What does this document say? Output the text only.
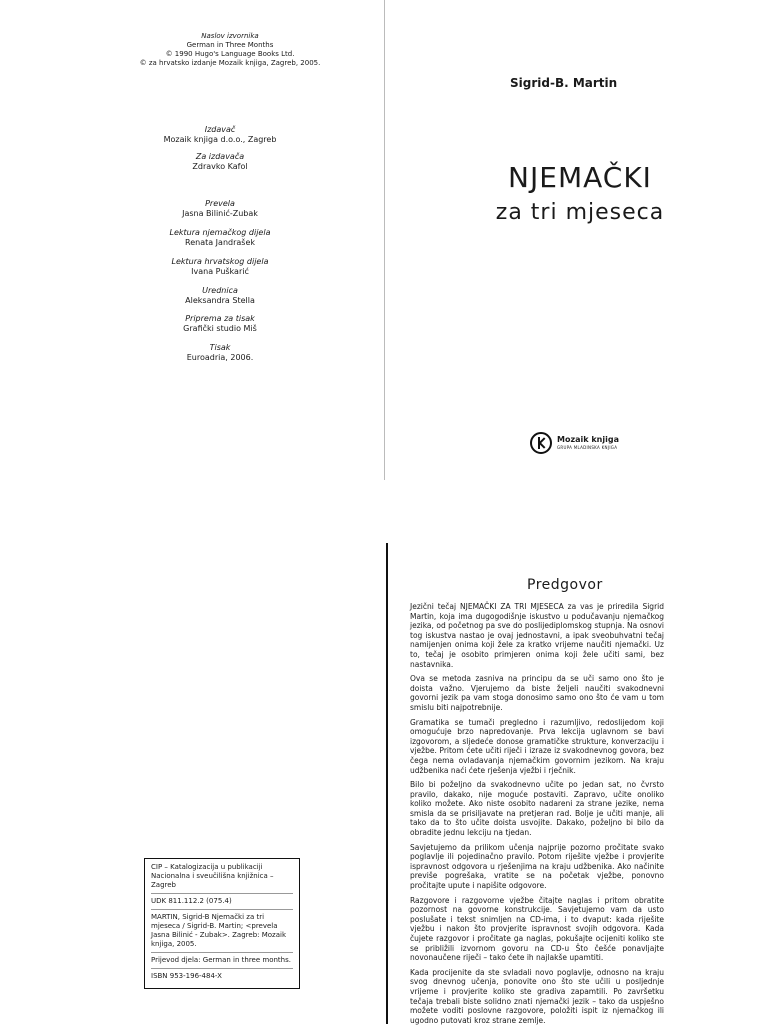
Naslov izvornika
German in Three Months
© 1990 Hugo's Language Books Ltd.
© za hrvatsko izdanje Mozaik knjiga, Zagreb, 2005.
Izdavač
Mozaik knjiga d.o.o., Zagreb
Za izdavača
Zdravko Kafol
Prevela
Jasna Bilinić-Zubak
Lektura njemačkog dijela
Renata Jandrašek
Lektura hrvatskog dijela
Ivana Puškarić
Urednica
Aleksandra Stella
Priprema za tisak
Grafički studio Miš
Tisak
Euroadria, 2006.
Sigrid-B. Martin
NJEMAČKI
za tri mjeseca
Mozaik knjiga
GRUPA MLADINSKA KNJIGA

CIP – Katalogizacija u publikaciji Nacionalna i sveučilišna knjižnica – Zagreb

UDK 811.112.2 (075.4)

MARTIN, Sigrid-B Njemački za tri mjeseca / Sigrid-B. Martin; <prevela Jasna Bilinić - Zubak>. Zagreb: Mozaik knjiga, 2005.

Prijevod djela: German in three months.

ISBN 953-196-484-X

Predgovor

Jezični tečaj NJEMAČKI ZA TRI MJESECA za vas je priredila Sigrid Martin, koja ima dugogodišnje iskustvo u podučavanju njemačkog jezika, od početnog pa sve do poslijediplomskog stupnja. Na osnovi tog iskustva nastao je ovaj jednostavni, a ipak sveobuhvatni tečaj namijenjen onima koji žele za kratko vrijeme naučiti njemački. Uz to, tečaj je osobito primjeren onima koji žele učiti sami, bez nastavnika.

Ova se metoda zasniva na principu da se uči samo ono što je doista važno. Vjerujemo da biste željeli naučiti svakodnevni govorni jezik pa vam stoga donosimo samo ono što će vam u tom smislu biti najpotrebnije.

Gramatika se tumači pregledno i razumljivo, redoslijedom koji omogućuje brzo napredovanje. Prva lekcija uglavnom se bavi izgovorom, a sljedeće donose gramatičke strukture, konverzaciju i vježbe. Pritom ćete učiti riječi i izraze iz svakodnevnog govora, bez čega nema ovladavanja njemačkim govornim jezikom. Na kraju udžbenika naći ćete rješenja vježbi i rječnik.

Bilo bi poželjno da svakodnevno učite po jedan sat, no čvrsto pravilo, dakako, nije moguće postaviti. Zapravo, učite onoliko koliko možete. Ako niste osobito nadareni za strane jezike, nema smisla da se prisiljavate na pretjeran rad. Bolje je učiti manje, ali tako da to što učite doista usvojite. Dakako, poželjno bi bilo da obradite jednu lekciju na tjedan.

Savjetujemo da prilikom učenja najprije pozorno pročitate svako poglavlje ili pojedinačno pravilo. Potom riješite vježbe i provjerite ispravnost odgovora u rješenjima na kraju udžbenika. Ako načinite previše pogrešaka, vratite se na početak vježbe, ponovno pročitajte upute i napišite odgovore.

Razgovore i razgovorne vježbe čitajte naglas i pritom obratite pozornost na govorne konstrukcije. Savjetujemo vam da usto poslušate i tekst snimljen na CD-ima, i to dvaput: kada riješite vježbu i nakon što provjerite ispravnost svojih odgovora. Kada čujete razgovor i pročitate ga naglas, pokušajte ocijeniti koliko ste se približili izvornom govoru na CD-u Što češće ponavljajte novonaučene riječi – tako ćete ih najlakše upamtiti.

Kada procijenite da ste svladali novo poglavlje, odnosno na kraju svog dnevnog učenja, ponovite ono što ste učili u posljednje vrijeme i provjerite koliko ste gradiva zapamtili. Po završetku tečaja trebali biste solidno znati njemački jezik – tako da uspješno možete voditi poslovne razgovore, položiti ispit iz njemačkog ili ugodno putovati kroz strane zemlje.
